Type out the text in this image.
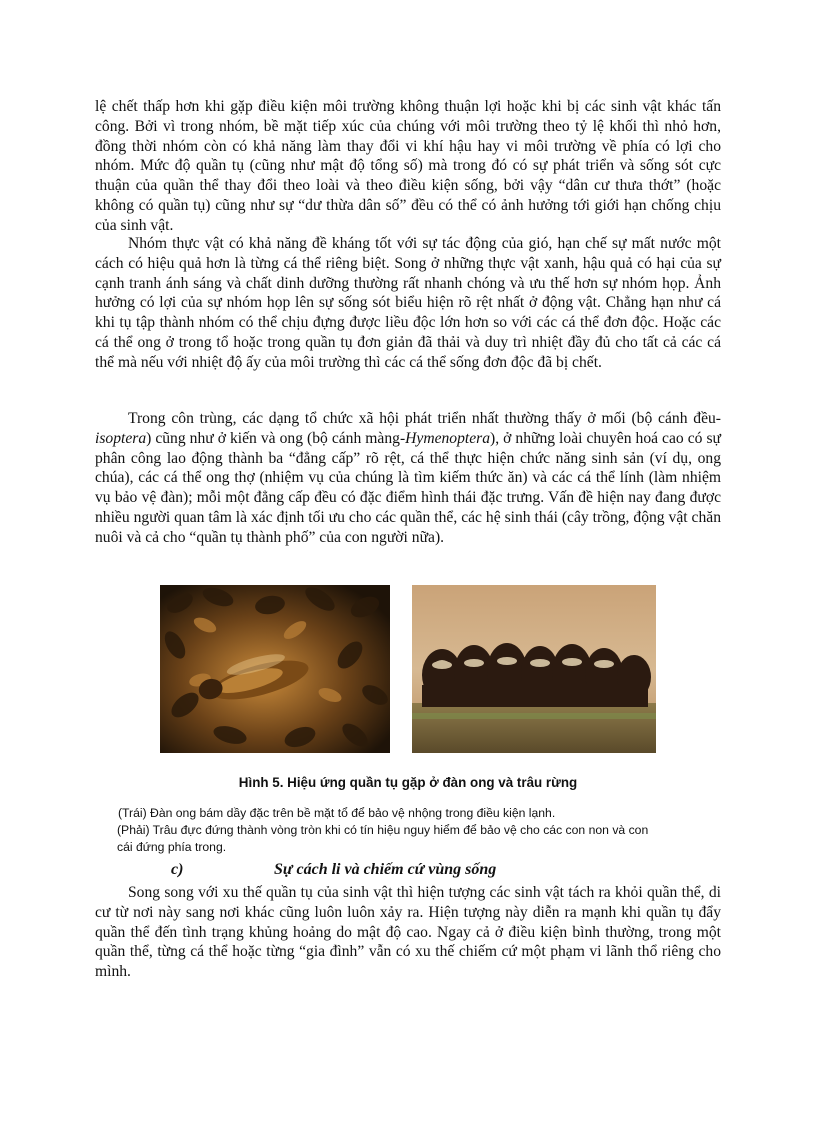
lệ chết thấp hơn khi gặp điều kiện môi trường không thuận lợi hoặc khi bị các sinh vật khác tấn công. Bởi vì trong nhóm, bề mặt tiếp xúc của chúng với môi trường theo tỷ lệ khối thì nhỏ hơn, đồng thời nhóm còn có khả năng làm thay đổi vi khí hậu hay vi môi trường về phía có lợi cho nhóm. Mức độ quần tụ (cũng như mật độ tổng số) mà trong đó có sự phát triển và sống sót cực thuận của quần thể thay đổi theo loài và theo điều kiện sống, bởi vậy “dân cư thưa thớt” (hoặc không có quần tụ) cũng như sự “dư thừa dân số” đều có thể có ảnh hưởng tới giới hạn chống chịu của sinh vật.

Nhóm thực vật có khả năng đề kháng tốt với sự tác động của gió, hạn chế sự mất nước một cách có hiệu quả hơn là từng cá thể riêng biệt. Song ở những thực vật xanh, hậu quả có hại của sự cạnh tranh ánh sáng và chất dinh dưỡng thường rất nhanh chóng và ưu thế hơn sự nhóm họp. Ảnh hưởng có lợi của sự nhóm họp lên sự sống sót biểu hiện rõ rệt nhất ở động vật. Chẳng hạn như cá khi tụ tập thành nhóm có thể chịu đựng được liều độc lớn hơn so với các cá thể đơn độc. Hoặc các cá thể ong ở trong tổ hoặc trong quần tụ đơn giản đã thải và duy trì nhiệt đầy đủ cho tất cả các cá thể mà nếu với nhiệt độ ấy của môi trường thì các cá thể sống đơn độc đã bị chết.

Trong côn trùng, các dạng tổ chức xã hội phát triển nhất thường thấy ở mối (bộ cánh đều-isoptera) cũng như ở kiến và ong (bộ cánh màng-Hymenoptera), ở những loài chuyên hoá cao có sự phân công lao động thành ba “đẳng cấp” rõ rệt, cá thể thực hiện chức năng sinh sản (ví dụ, ong chúa), các cá thể ong thợ (nhiệm vụ của chúng là tìm kiếm thức ăn) và các cá thể lính (làm nhiệm vụ bảo vệ đàn); mỗi một đẳng cấp đều có đặc điểm hình thái đặc trưng. Vấn đề hiện nay đang được nhiều người quan tâm là xác định tối ưu cho các quần thể, các hệ sinh thái (cây trồng, động vật chăn nuôi và cả cho “quần tụ thành phố” của con người nữa).

Hình 5. Hiệu ứng quần tụ gặp ở đàn ong và trâu rừng
(Trái) Đàn ong bám dầy đặc trên bề mặt tổ để bảo vệ nhộng trong điều kiện lạnh.
(Phải) Trâu đực đứng thành vòng tròn khi có tín hiệu nguy hiểm để bảo vệ cho các con non và con
cái đứng phía trong.
c)	Sự cách li và chiếm cứ vùng sống

Song song với xu thế quần tụ của sinh vật thì hiện tượng các sinh vật tách ra khỏi quần thể, di cư từ nơi này sang nơi khác cũng luôn luôn xảy ra. Hiện tượng này diễn ra mạnh khi quần tụ đẩy quần thể đến tình trạng khủng hoảng do mật độ cao. Ngay cả ở điều kiện bình thường, trong một quần thể, từng cá thể hoặc từng “gia đình” vẫn có xu thế chiếm cứ một phạm vi lãnh thổ riêng cho mình.
